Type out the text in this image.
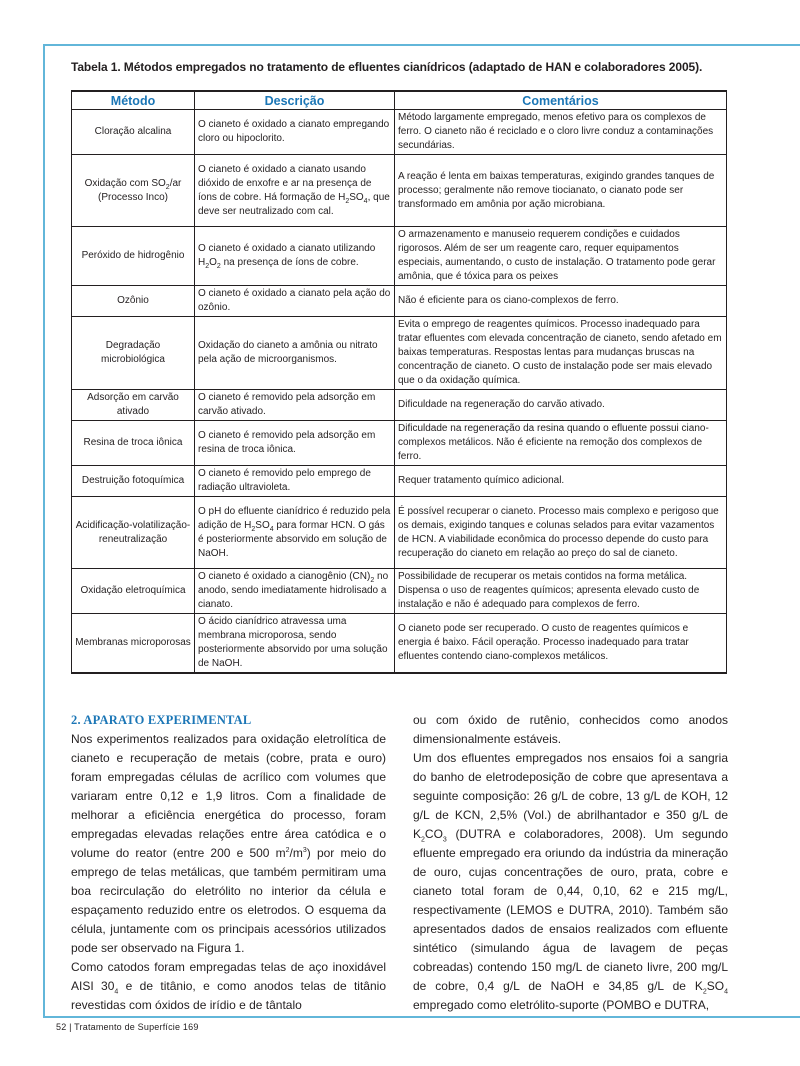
Tabela 1. Métodos empregados no tratamento de efluentes cianídricos (adaptado de HAN e colaboradores 2005).
Método	Descrição	Comentários
Cloração alcalina	O cianeto é oxidado a cianato empregando cloro ou hipoclorito.	Método largamente empregado, menos efetivo para os complexos de ferro. O cianeto não é reciclado e o cloro livre conduz a contaminações secundárias.
Oxidação com $SO_2/ar$ (Processo Inco)	O cianeto é oxidado a cianato usando dióxido de enxofre e ar na presença de íons de cobre. Há formação de $H_2SO_4$, que deve ser neutralizado com cal.	A reação é lenta em baixas temperaturas, exigindo grandes tanques de processo; geralmente não remove tiocianato, o cianato pode ser transformado em amônia por ação microbiana.
Peróxido de hidrogênio	O cianeto é oxidado a cianato utilizando $H_2O_2$ na presença de íons de cobre.	O armazenamento e manuseio requerem condições e cuidados rigorosos. Além de ser um reagente caro, requer equipamentos especiais, aumentando, o custo de instalação. O tratamento pode gerar amônia, que é tóxica para os peixes
Ozônio	O cianeto é oxidado a cianato pela ação do ozônio.	Não é eficiente para os ciano-complexos de ferro.
Degradação microbiológica	Oxidação do cianeto a amônia ou nitrato pela ação de microorganismos.	Evita o emprego de reagentes químicos. Processo inadequado para tratar efluentes com elevada concentração de cianeto, sendo afetado em baixas temperaturas. Respostas lentas para mudanças bruscas na concentração de cianeto. O custo de instalação pode ser mais elevado que o da oxidação química.
Adsorção em carvão ativado	O cianeto é removido pela adsorção em carvão ativado.	Dificuldade na regeneração do carvão ativado.
Resina de troca iônica	O cianeto é removido pela adsorção em resina de troca iônica.	Dificuldade na regeneração da resina quando o efluente possui ciano-complexos metálicos. Não é eficiente na remoção dos complexos de ferro.
Destruição fotoquímica	O cianeto é removido pelo emprego de radiação ultravioleta.	Requer tratamento químico adicional.
Acidificação-volatilização-reneutralização	O pH do efluente cianídrico é reduzido pela adição de $H_2SO_4$ para formar HCN. O gás é posteriormente absorvido em solução de NaOH.	É possível recuperar o cianeto. Processo mais complexo e perigoso que os demais, exigindo tanques e colunas selados para evitar vazamentos de HCN. A viabilidade econômica do processo depende do custo para recuperação do cianeto em relação ao preço do sal de cianeto.
Oxidação eletroquímica	O cianeto é oxidado a cianogênio $(CN)_2$ no anodo, sendo imediatamente hidrolisado a cianato.	Possibilidade de recuperar os metais contidos na forma metálica. Dispensa o uso de reagentes químicos; apresenta elevado custo de instalação e não é adequado para complexos de ferro.
Membranas microporosas	O ácido cianídrico atravessa uma membrana microporosa, sendo posteriormente absorvido por uma solução de NaOH.	O cianeto pode ser recuperado. O custo de reagentes químicos e energia é baixo. Fácil operação. Processo inadequado para tratar efluentes contendo ciano-complexos metálicos.

2. APARATO EXPERIMENTAL

Nos experimentos realizados para oxidação eletrolítica de cianeto e recuperação de metais (cobre, prata e ouro) foram empregadas células de acrílico com volumes que variaram entre 0,12 e 1,9 litros. Com a finalidade de melhorar a eficiência energética do processo, foram empregadas elevadas relações entre área catódica e o volume do reator (entre 200 e 500 $m^2/m^3$) por meio do emprego de telas metálicas, que também permitiram uma boa recirculação do eletrólito no interior da célula e espaçamento reduzido entre os eletrodos. O esquema da célula, juntamente com os principais acessórios utilizados pode ser observado na Figura 1.

Como catodos foram empregadas telas de aço inoxidável AISI $30_4$ e de titânio, e como anodos telas de titânio revestidas com óxidos de irídio e de tântalo

ou com óxido de rutênio, conhecidos como anodos dimensionalmente estáveis.

Um dos efluentes empregados nos ensaios foi a sangria do banho de eletrodeposição de cobre que apresentava a seguinte composição: 26 g/L de cobre, 13 g/L de KOH, 12 g/L de KCN, 2,5% (Vol.) de abrilhantador e 350 g/L de $K_2CO_3$ (DUTRA e colaboradores, 2008). Um segundo efluente empregado era oriundo da indústria da mineração de ouro, cujas concentrações de ouro, prata, cobre e cianeto total foram de 0,44, 0,10, 62 e 215 mg/L, respectivamente (LEMOS e DUTRA, 2010). Também são apresentados dados de ensaios realizados com efluente sintético (simulando água de lavagem de peças cobreadas) contendo 150 mg/L de cianeto livre, 200 mg/L de cobre, 0,4 g/L de NaOH e 34,85 g/L de $K_2SO_4$ empregado como eletrólito-suporte (POMBO e DUTRA,

52 | Tratamento de Superfície 169
